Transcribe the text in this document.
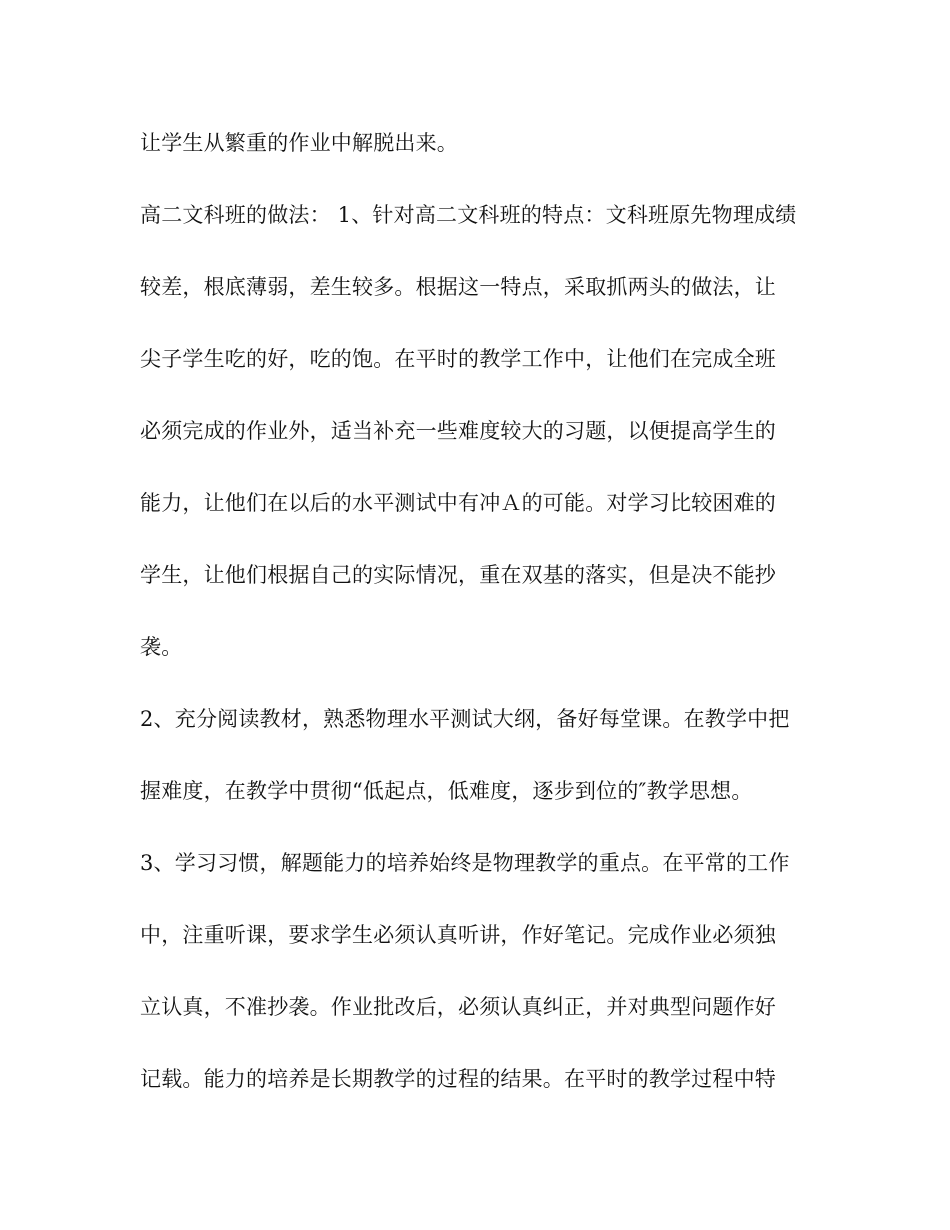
让学生从繁重的作业中解脱出来。

高二文科班的做法： 1、针对高二文科班的特点：文科班原先物理成绩

较差，根底薄弱，差生较多。根据这一特点，采取抓两头的做法，让

尖子学生吃的好，吃的饱。在平时的教学工作中，让他们在完成全班

必须完成的作业外，适当补充一些难度较大的习题，以便提高学生的

能力，让他们在以后的水平测试中有冲Ａ的可能。对学习比较困难的

学生，让他们根据自己的实际情况，重在双基的落实，但是决不能抄

袭。

2、充分阅读教材，熟悉物理水平测试大纲，备好每堂课。在教学中把

握难度，在教学中贯彻“低起点，低难度，逐步到位的″教学思想。

3、学习习惯，解题能力的培养始终是物理教学的重点。在平常的工作

中，注重听课，要求学生必须认真听讲，作好笔记。完成作业必须独

立认真，不准抄袭。作业批改后，必须认真纠正，并对典型问题作好

记载。能力的培养是长期教学的过程的结果。在平时的教学过程中特
